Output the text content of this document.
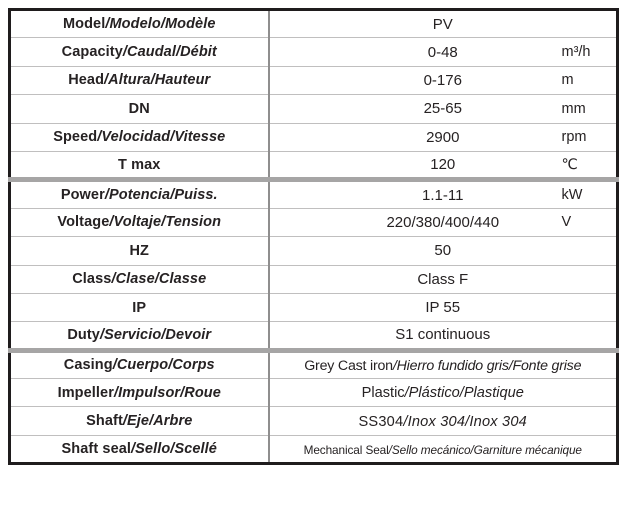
Model/Modelo/Modèle	PV

Capacity/Caudal/Débit	0-48 m³/h

Head/Altura/Hauteur	0-176 m

DN	25-65 mm

Speed/Velocidad/Vitesse	2900 rpm

T max	120 ℃

Power/Potencia/Puiss.	1.1-11 kW

Voltage/Voltaje/Tension	220/380/400/440 V

HZ	50

Class/Clase/Classe	Class F

IP	IP 55

Duty/Servicio/Devoir	S1 continuous

Casing/Cuerpo/Corps	Grey Cast iron/Hierro fundido gris/Fonte grise

Impeller/Impulsor/Roue	Plastic/Plástico/Plastique

Shaft/Eje/Arbre	SS304/Inox 304/Inox 304

Shaft seal/Sello/Scellé	Mechanical Seal/Sello mecánico/Garniture mécanique
